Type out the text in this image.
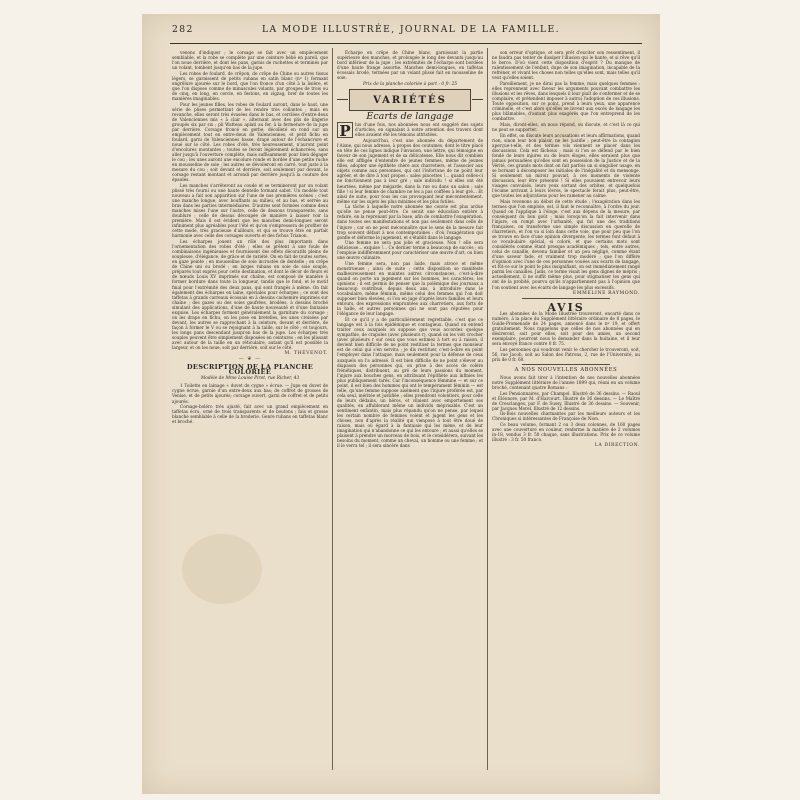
282	LA MODE ILLUSTRÉE, JOURNAL DE LA FAMILLE.

venons d'indiquer ; le corsage se fait avec un empiècement semblable, et la robe se complète par une ceinture bébé en pareil, que l'on noue derrière, et dont les pans, garnis de ruchettes et terminés par un volant, tombent jusqu'en bas de la jupe.

Les robes de foulard, de crêpon, de crêpe de Chine ou autres tissus légers, se garnissent de petits rubans en satin blanc (nº 1) formant engrêlure ajourée sur le bord, que l'on fronce d'un côté à la lisière, et que l'on dispose comme de minuscules volants, par groupes de trois ou de cinq, en long, en cercle, en festons, en zigzag, bref de toutes les manières imaginables.

Pour les jeunes filles, les robes de foulard auront, dans le haut, une série de plises permettant de les rendre très collantes ; mais en revanche, elles seront très évasées dans le bas, et cerclées d'entre-deux de Valenciennes mis « à clair », alternant avec des plis de lingerie groupés six par six ; pli Watteau aplati au fer, à la fermeture de la jupe par derrière. Corsage froncé en gerbe, décolleté en rond sur un empiècement tout en entre-deux de Valenciennes, et petit fichu en foulard, garni de Valenciennes basse, drapé autour de l'échancrure et noué sur le côté. Les robes d'été, très heureusement, n'auront point d'encolures montantes ; toutes se feront légèrement échancrées, sans aller jusqu'à l'ouverture complète, mais suffisamment pour bien dégager le cou ; les unes auront une encolure ronde et bordée d'une petite ruche en mousseline de soie ; les autres se dévoileront en carré, tout juste à la mesure du cou ; soit devant et derrière, soit seulement par devant, le corsage restant montant et arrondi par derrière jusqu'à la couture des épaules.

Les manches s'arrêteront au coude et se termineront par un volant plissé très fourni ou une haute dentelle formant sabot. Un modèle tout nouveau a fait son apparition sur l'une de nos premières scènes ; c'est une manche longue, avec bouffants au milieu, et au bas, et serrée au bras dans les parties intermédiaires. D'autres sont formées comme deux manches mises l'une sur l'autre, celle de dessous transparente, sans doublure ; celle de dessus découpée de manière à laisser voir la première. Mais il est évident que les manches demi-longues seront infiniment plus agréables pour l'été et qu'on s'empressera de profiter de cette mode, très gracieuse d'ailleurs, et qui se trouve être en parfait harmonie avec celle des corsages ouverts et des fichus Trianon.

Les écharpes jouent un rôle des plus importants dans l'ornementation des robes d'été ; elles se prêtent à une foule de combinaisons ingénieuses et fournissent des effets décoratifs pleins de souplesse, d'élégance, de grâce et de variété. On en fait de toutes sortes, en gaze peinte ; en mousseline de soie incrustée de dentelle ; en crêpe de Chine uni ou brodé ; en larges rubans en soie de soie souple, préparés tout exprès pour cette destination, et dont le décor de fleurs et de nœuds Louis XV imprimés sur chaîne, est composé de manière à former bordure dans toute la longueur, tandis que le fond, et le motif final pour l'extrémité des deux pans, qui sont frangés à même. On fait également des écharpes en laine, spéciales pour écharpes ; ce sont des taffetas à grands carreaux écossais en à dessins cachemire imprimés sur chaîne ; des gazes ou des soies gaufrées, brodées, à dessins broché simulant des applications, d'une de haute nouveauté et d'une fantaisie exquise. Les écharpes forment généralement la garniture du corsage ; on les drape en fichu, on les pose en bretelles, les unes croisées par devant, les autres se rapprochant à la ceinture, devant et derrière, de façon à former le V ou se rejoignant à la taille, sur le côté ; et toujours, les longs pans descendant jusqu'en bas de la jupe. Les écharpes très souples peuvent être simplement disposées en ceintures ; en les plissant avec autour de la taille en un réticulaire, autant qu'il est possible la largeur, et on les noue, soit par derrière, soit sur le côté.

M. THÉVENOT.
— ❦ —
DESCRIPTION DE LA PLANCHE COLORIÉE
Modèle de Mme Louise Piret, rue Richer, 43

1 Toilette en lainage « duvet de cygne » écrue. — Jupe en duvet de cygne écrue, garnie d'un entre-deux aux bas; de coffret de grosses de Venise, et de petits ajourés; corsage ouvert, garni de coffret et de petits ajourés.

Corsage-boléro très ajusté, fait avec un grand empiècement en taffetas écru, orné de trois transparents et de boutons ; fais et grosse blanche semblable à celle de la broderie. Genre rubans en taffetas blanc et broché.

Écharpe en crêpe de Chine blanc, garnissant la partie supérieure des manches, et prolongée le long des devants jusqu'au bord inférieur de la jupe ; les extrémités de l'écharpe sont bordées d'une haute frange assortie. Manches demi-longues, en taffetas écossais brodé, termées par un volant plissé fait en mousseline de soie.

Prix de la planche coloriée à part : 0 fr. 25
VARIÉTÉS
Écarts de langage

P	lus d'une fois, nos abonnées nous ont suggéré des sujets d'articles, en signalant à notre attention des travers dont elles avaient été les témoins attristées.

Aujourd'hui, c'est une abonnée du département de l'Aisne, qui nous adresse, à propos des coutumes, dont le titre placé en tête de ces lignes indique l'invasion, une lettre, qui témoigne en faveur de son jugement et de sa délicatesse. Elle nous dit combien elle est affligée d'entendre de jeunes femmes, même de jeunes filles, adopter une épithète chère aux charretiers, et l'associer aux objets comme aux personnes, qui ont l'infortune de ne point leur agréer, et de dire à tout propos : sales pincettes !... quand celles-ci ne fonctionnent pas à leur gré ; sale individu ! si elles ont été heurtées, même par mégarde, dans la rue ou dans un salon ; sale fille ! si leur femme de chambre ne les a pas coiffées à leur gré... Et ainsi de suite, pour tous les cas provoquant leur mécontentement, même sur les sujets les plus minimes et les plus futiles.

La tâche à laquelle notre abonnée me convie est plus ardue qu'elle ne pense peut-être. Ce serait une éducation entière à refaire, en la reprenant par la base, afin de combattre l'exagération, dans toutes ses manifestations et non pas seulement dans celle de l'injure ; car on ne peut méconnaître que le sens de la mesure fait trop souvent défaut à nos contemporaines : d'où l'exagération qui gonfle et déforme le jugement, et s'établit dans le langage.

Une femme ne sera pas jolie et gracieuse. Non ! elle sera délicieuse... exquise !... Ce dernier terme a beaucoup de succès ; on l'emploie indifféremment pour caractériser une œuvre d'art, ou bien une œuvre culinaire.

Une femme sera, non pas laide, mais atroce et même monstrueuse ; ainsi de suite ; cette disposition se manifeste malheureusement en maintes autres circonstances, c'est-à-dire quand on porte un jugement sur les hommes, les caractères, les opinions ; il est permis de penser que la polémique des journaux a beaucoup contribué, depuis deux ans, à introduire dans le vocabulaire, même féminin, même celui des femmes qui l'on doit supposer bien élevées, si l'on en juge d'après leurs familles et leurs entours, des expressions empruntées aux charretiers, aux forts de la halle, et autres personnes qui ne sont pas réputées pour l'élégance de leur langage.

Et ce qu'il y a de particulièrement regrettable, c'est que ce langage est à la fois épidémique et contagieux. Quand on entend traiter ceux auxquels on suppose que vous accordez quelque sympathie, de crapules (avec plusieurs r), quand on les voit crocher (avec plusieurs r sur ceux que vous estimez à tort ou à raison, il devient bien difficile de ne point restituer la termes que monsieur est de celui qui s'en servira ; je dis restituer, c'est-à-dire en point l'employer dans l'attaque, mais seulement pour la défense de ceux auxquels on l'a adressé. Il est bien difficile de ne point s'élever au diapason des personnes qui, on prise à des accès de colère frénétiques, distribuent, au gré de leurs passions du moment, l'injure aux bouches gens, en attribuant l'épithète aux infinies les plus publiquement tarés. Car l'inconséquence féminine — et sur ce point, il est bien des hommes qui ont le tempérament féminin — est telle, qu'une femme suppose aisément que l'injure proférée est, par cela seul, méritée et justifiée ; elles prendront volontiers, pour celle de leurs dédains, un héros, et vilaient avec emportement ses qualités, en affublerant même un individu méprisable. C'est un sentiment enfantin, mais plus répandu qu'on ne pense, par lequel les certain nombre de femmes voient et jugent les gens et les choses, non d'après la réalité qui vienpose à tout être doué de raison, mais où égard à la fantaisie qui les mène, et de leur imagination qui n'abandonne ce qui les entoure ; et aussi qu'elles se plaisent à prendre un morceau de bois, et le considérera, suivant les besoins du moment, comme un cheval, un homme ou une femme ; et il le verra tel ; il sera sincère dans

son erreur d'optique, et sera prêt d'exciter son ressentiment, il ne faudra pas tenter de dissiper l'illusion qui le hante, et si rêve qu'il le berce. D'où vient cette disposition d'esprit ? Du manque de ralentissement de l'enfant, dupe de son imagination, incapable de la refréner, et vivant les choses non telles qu'elles sont, mais telles qu'il veut qu'elles soient.

Pareillement, je ne dirai pas la femme, mais quelques femmes : elles reprennent avec faveur les arguments pouvant combattre les illusions et les rêves, dans lesquels il leur plaît de s'enfermer et de se complaire, et prétendent imposer à autrui l'adoption de ces illusions. Toute opposition, sur ce point, prend à leurs yeux, une apparence criminelle, et c'est alors qu'elles se livrent aux excès de langage les plus blâmables, d'autant plus exagérés que l'on entreprend de les combattre.

Mais, diront-elles, on nous répond, ou discute, et c'est là ce qui ne peut se supporter.

En effet, on discute leurs accusations et leurs affirmations, quand rien, sinon leur bon plaisir, ne les justifie ; peut-être la contagion aperçue-t-elle, et des termes vils viennent se placer dans les discussions. Cela est fâcheux ; mais si l'on se défend par le bien fondé de leurs injures ou de leurs éloges, elles seraient plus que jamais persuadées qu'elles sont en possession de la Justice et de la Vérité, ces grands mots dont on fait parfois un si singulier usage, en se bornant à décomposer les initiales de l'inégalité et du mensonge. Si seulement un miroir pouvait, à ces moments de violente discussion, leur être présenté ! Si elles pouvaient entrevoir leurs visages convulsés, leurs yeux sortant des orbites, et quelquefois l'écume arrivant à leurs lèvres, le spectacle ferait plus, peut-être, que toutes les adjurations pour les ramener au calme.

Mais revenons au début de cette étude ; l'exagération dans les termes que l'on emploie, est, il faut le reconnaître, à l'ordre du jour. Quand on l'applique à l'éloge, c'est aux dépens de la mesure, par conséquent du bon goût ; mais lorsqu'on la fait intervenir dans l'injure, on rompt avec l'urbanité, qui fut une des traditions françaises, on transforme une simple discussion en querelle de charretiers, et l'on va si loin dans cette voie, que pour peu que l'on se trouve en face d'une opinion divergente, les termes font défaut à ce vocabulaire spécial, si coloré, et que certains mots sont considérés comme étant presque académiques ; tels, entre autres, celui de canaille, devenu familier et un peu négligé, comme étant d'une saveur fade, et vraiment trop modéré ; que l'on diffère d'opinion avec l'une de ces personnes vouées aux écarts de langage, et fût-ce sur le point le plus insignifiant, on est immédiatement rangé parmi les canailles. Jadis, ce terme visait les gens dignes de mépris ; actuellement, il ne suffit même plus, pour stigmatiser les gens qui ont de la probité, pourvu qu'ils n'appartiennent pas à l'opinion que l'on soutient avec les écarts de langage les plus excessifs.

EMMELINE RAYMOND.
AVIS

Les abonnées de la Mode Illustrée trouveront, encarté dans ce numéro, à la place du Supplément littéraire ordinaire de 8 pages, le Guide-Promenade de 24 pages, annoncé dans le nº 19, et offert gratuitement. Nous rappelons que celles de nos abonnées qui en désireront, soit pour elles, soit pour des amies, un second exemplaire, pourront nous le demander dans la huitaine, et il leur sera envoyé franco contre 0 fr. 75.

Les personnes qui voudront venir le chercher le trouveront, soit, 56, rue Jacob, soit au Salon des Patrons, 2, rue de l'Université, au prix de 0 fr. 60.

A NOS NOUVELLES ABONNÉES

Nous avons fait tirer à l'intention de nos nouvelles abonnées notre Supplément littéraire de l'année 1899 qui, réuni en un volume broché, contenant quatre Romans :

Les Pensionnaires, par Champol. Illustré de 36 dessins. — Raoul et Éléonore, par M. d'Harcourt. Illustré de 36 dessins. — Le Maître de Cresclanges, par F. de Sussy. Illustré de 36 dessins. — Souvenir, par Jacques Morel. Illustré de 12 dessins.

Ils-Bois nouvelles charmantes par les meilleurs auteurs et les Chroniques si intéressantes de Françoise de Nion.

Ce beau volume, formant 2 ou 3 deux colonnes, de 160 pages avec une couverture en couleur, renferme la matière de 2 volumes in-18, vendus 3 fr. 50 chaque, sans illustrations. Prix de ce volume illustré : 3 fr. 50 franco.

LA DIRECTION.
